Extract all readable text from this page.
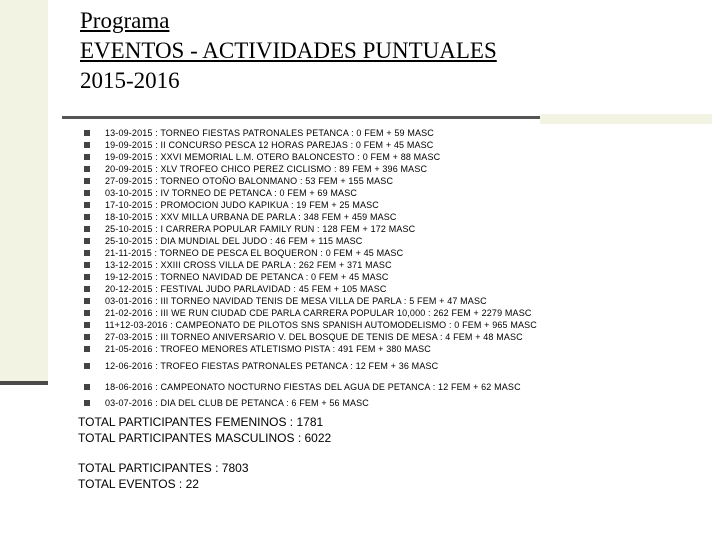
Programa
EVENTOS - ACTIVIDADES PUNTUALES
2015-2016
13-09-2015 : TORNEO FIESTAS PATRONALES PETANCA : 0 FEM + 59 MASC
19-09-2015 : II CONCURSO PESCA 12 HORAS PAREJAS : 0 FEM + 45 MASC
19-09-2015 : XXVI MEMORIAL L.M. OTERO BALONCESTO : 0 FEM + 88 MASC
20-09-2015 : XLV TROFEO CHICO PEREZ CICLISMO : 89 FEM + 396 MASC
27-09-2015 : TORNEO OTOÑO BALONMANO : 53 FEM + 155 MASC
03-10-2015 : IV TORNEO DE PETANCA : 0 FEM + 69 MASC
17-10-2015 : PROMOCION JUDO KAPIKUA : 19 FEM + 25 MASC
18-10-2015 : XXV MILLA URBANA DE PARLA : 348 FEM + 459 MASC
25-10-2015 : I CARRERA POPULAR FAMILY RUN : 128 FEM + 172 MASC
25-10-2015 : DIA MUNDIAL DEL JUDO : 46 FEM + 115 MASC
21-11-2015 : TORNEO DE PESCA EL BOQUERON : 0 FEM + 45 MASC
13-12-2015 : XXIII CROSS VILLA DE PARLA : 262 FEM + 371 MASC
19-12-2015 : TORNEO NAVIDAD DE PETANCA : 0 FEM + 45 MASC
20-12-2015 : FESTIVAL JUDO PARLAVIDAD : 45 FEM + 105 MASC
03-01-2016 : III TORNEO NAVIDAD TENIS DE MESA VILLA DE PARLA : 5 FEM + 47 MASC
21-02-2016 : III WE RUN CIUDAD CDE PARLA CARRERA POPULAR 10,000 : 262 FEM + 2279 MASC
11+12-03-2016 : CAMPEONATO DE PILOTOS SNS SPANISH AUTOMODELISMO : 0 FEM + 965 MASC
27-03-2015 : III TORNEO ANIVERSARIO V. DEL BOSQUE DE TENIS DE MESA : 4 FEM + 48 MASC
21-05-2016 : TROFEO MENORES ATLETISMO PISTA : 491 FEM + 380 MASC
12-06-2016 : TROFEO FIESTAS PATRONALES PETANCA : 12 FEM + 36 MASC
18-06-2016 : CAMPEONATO NOCTURNO FIESTAS DEL AGUA DE PETANCA : 12 FEM + 62 MASC
03-07-2016 : DIA DEL CLUB DE PETANCA : 6 FEM + 56 MASC
TOTAL PARTICIPANTES FEMENINOS : 1781
TOTAL PARTICIPANTES MASCULINOS : 6022
TOTAL PARTICIPANTES : 7803
TOTAL EVENTOS : 22
